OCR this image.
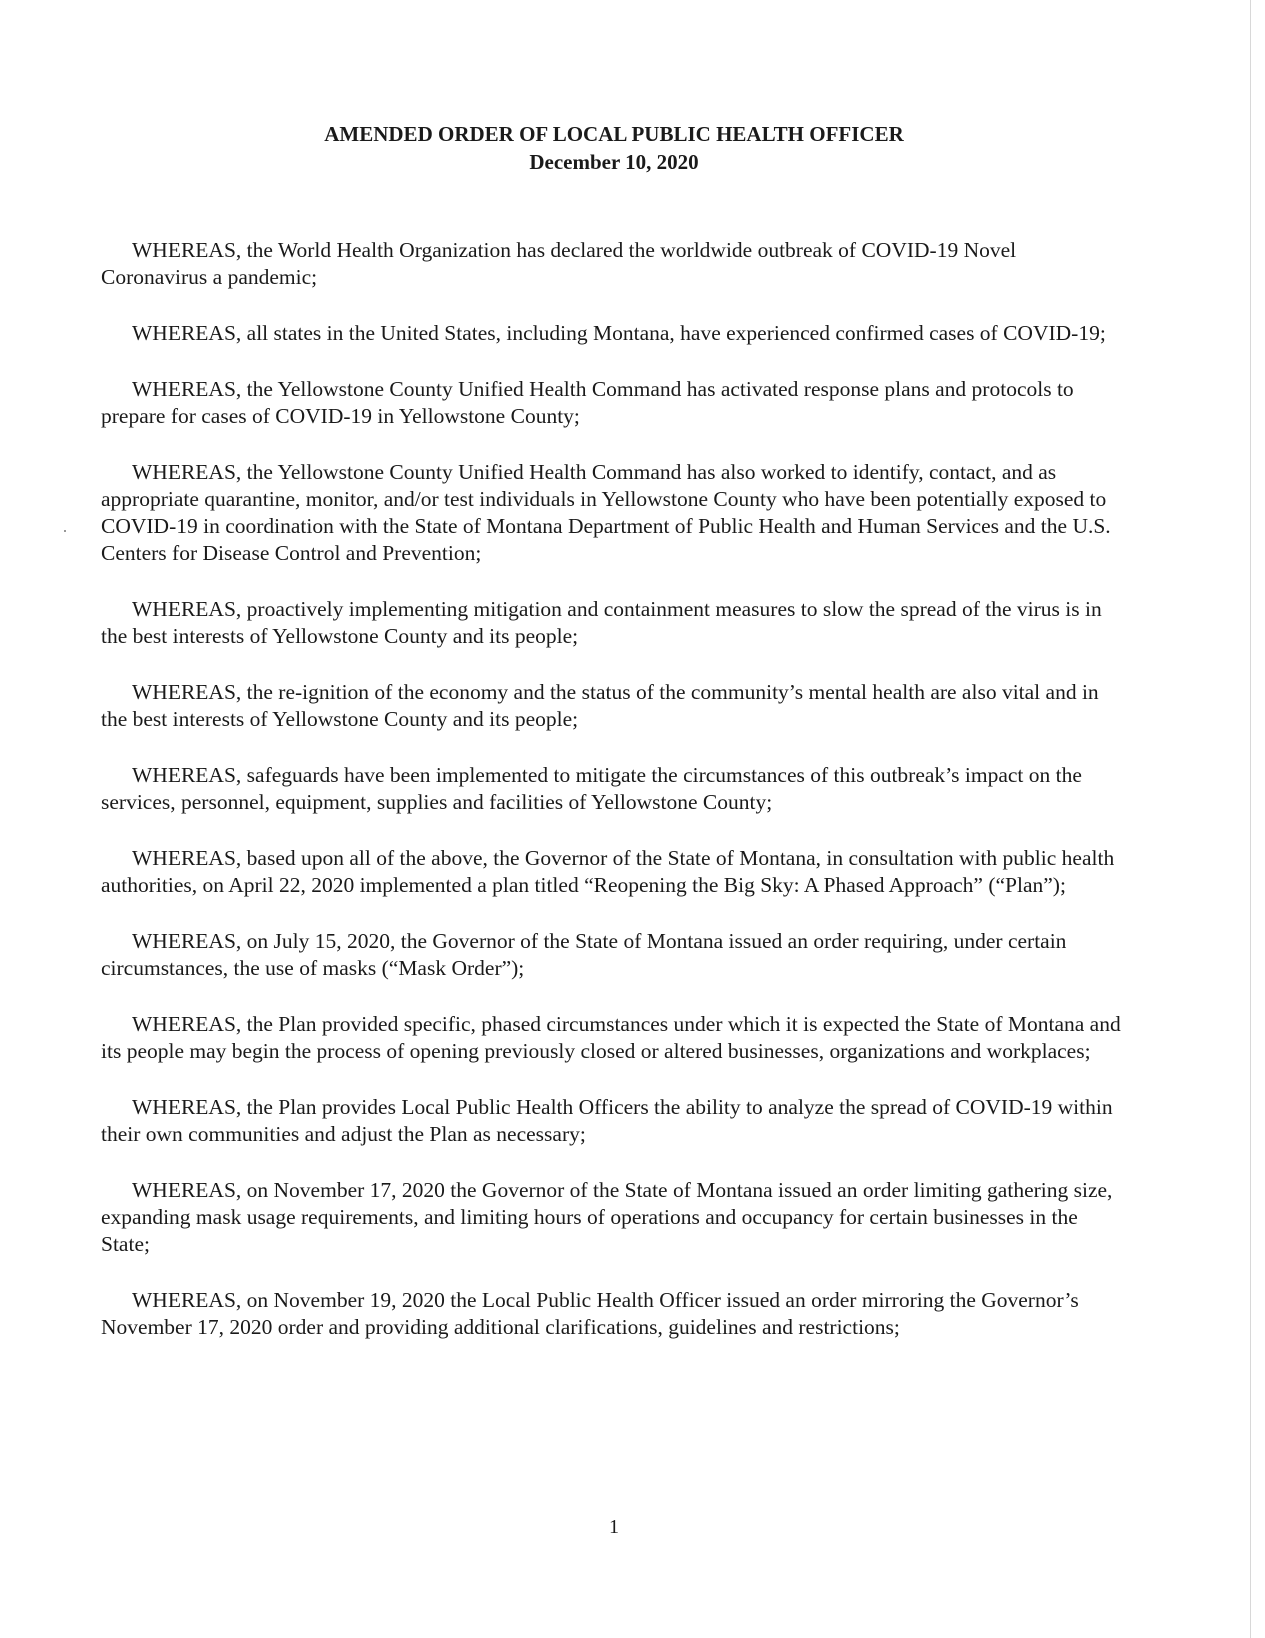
AMENDED ORDER OF LOCAL PUBLIC HEALTH OFFICER
December 10, 2020

WHEREAS, the World Health Organization has declared the worldwide outbreak of COVID-19 Novel Coronavirus a pandemic;

WHEREAS, all states in the United States, including Montana, have experienced confirmed cases of COVID-19;

WHEREAS, the Yellowstone County Unified Health Command has activated response plans and protocols to prepare for cases of COVID-19 in Yellowstone County;

WHEREAS, the Yellowstone County Unified Health Command has also worked to identify, contact, and as appropriate quarantine, monitor, and/or test individuals in Yellowstone County who have been potentially exposed to COVID-19 in coordination with the State of Montana Department of Public Health and Human Services and the U.S. Centers for Disease Control and Prevention;

WHEREAS, proactively implementing mitigation and containment measures to slow the spread of the virus is in the best interests of Yellowstone County and its people;

WHEREAS, the re-ignition of the economy and the status of the community’s mental health are also vital and in the best interests of Yellowstone County and its people;

WHEREAS, safeguards have been implemented to mitigate the circumstances of this outbreak’s impact on the services, personnel, equipment, supplies and facilities of Yellowstone County;

WHEREAS, based upon all of the above, the Governor of the State of Montana, in consultation with public health authorities, on April 22, 2020 implemented a plan titled “Reopening the Big Sky: A Phased Approach” (“Plan”);

WHEREAS, on July 15, 2020, the Governor of the State of Montana issued an order requiring, under certain circumstances, the use of masks (“Mask Order”);

WHEREAS, the Plan provided specific, phased circumstances under which it is expected the State of Montana and its people may begin the process of opening previously closed or altered businesses, organizations and workplaces;

WHEREAS, the Plan provides Local Public Health Officers the ability to analyze the spread of COVID-19 within their own communities and adjust the Plan as necessary;

WHEREAS, on November 17, 2020 the Governor of the State of Montana issued an order limiting gathering size, expanding mask usage requirements, and limiting hours of operations and occupancy for certain businesses in the State;

WHEREAS, on November 19, 2020 the Local Public Health Officer issued an order mirroring the Governor’s November 17, 2020 order and providing additional clarifications, guidelines and restrictions;

1
